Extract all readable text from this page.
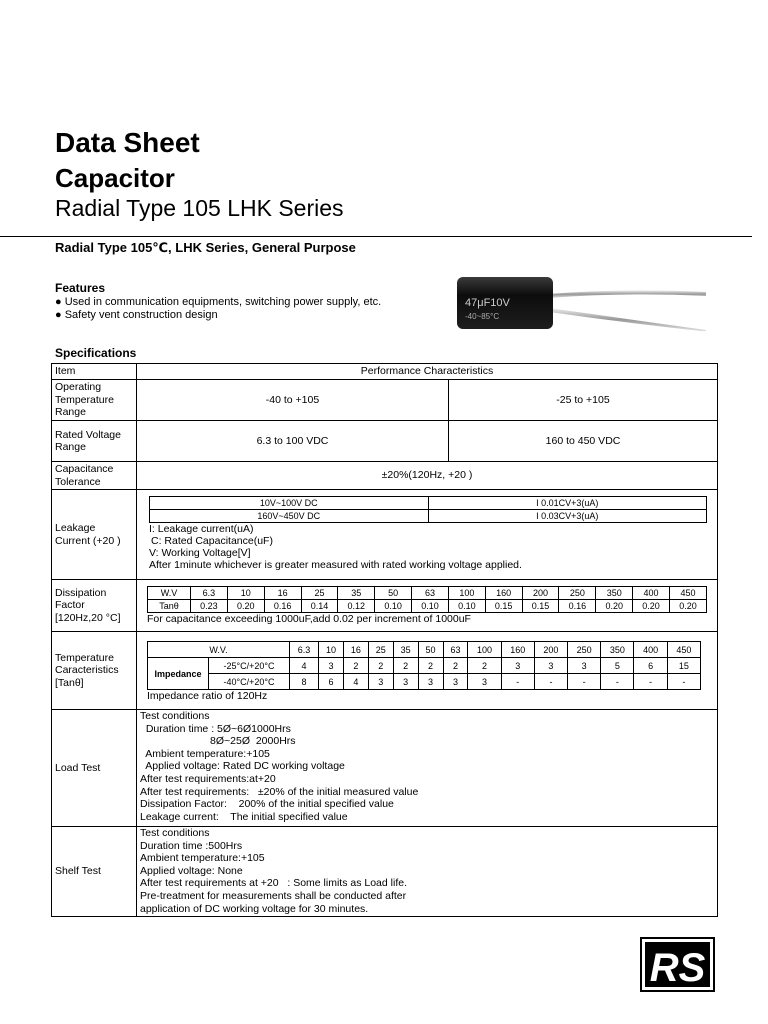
Data Sheet
Capacitor
Radial Type 105 LHK Series
Radial Type 105℃, LHK Series, General Purpose
Features
● Used in communication equipments, switching power supply, etc.
● Safety vent construction design
47μF10V
-40~85°C
Specifications
Item	Performance Characteristics
Operating Temperature Range	-40 to +105	-25 to +105
Rated Voltage Range	6.3 to 100 VDC	160 to 450 VDC
Capacitance Tolerance	±20%(120Hz, +20 )
Leakage Current (+20 )	
10V~100V DC	I 0.01CV+3(uA)
160V~450V DC	I 0.03CV+3(uA)
I: Leakage current(uA)
C: Rated Capacitance(uF)
V: Working Voltage[V]
After 1minute whichever is greater measured with rated working voltage applied.

Dissipation Factor [120Hz,20 °C]	
W.V	6.3	10	16	25	35	50	63	100	160	200	250	350	400	450
Tanθ	0.23	0.20	0.16	0.14	0.12	0.10	0.10	0.10	0.15	0.15	0.16	0.20	0.20	0.20
For capacitance exceeding 1000uF,add 0.02 per increment of 1000uF

Temperature Caracteristics [Tanθ]	
W.V.	6.3	10	16	25	35	50	63	100	160	200	250	350	400	450
Impedance	-25°C/+20°C	4	3	2	2	2	2	2	2	3	3	3	5	6	15
-40°C/+20°C	8	6	4	3	3	3	3	3	-	-	-	-	-	-
Impedance ratio of 120Hz

Load Test	
Test conditions
Duration time : 5Ø~6Ø1000Hrs
8Ø~25Ø  2000Hrs
Ambient temperature:+105
Applied voltage: Rated DC working voltage
After test requirements:at+20
After test requirements:   ±20% of the initial measured value
Dissipation Factor:    200% of the initial specified value
Leakage current:    The initial specified value

Shelf Test	
Test conditions
Duration time :500Hrs
Ambient temperature:+105
Applied voltage: None
After test requirements at +20   : Some limits as Load life.
Pre-treatment for measurements shall be conducted after
application of DC working voltage for 30 minutes.
RS
